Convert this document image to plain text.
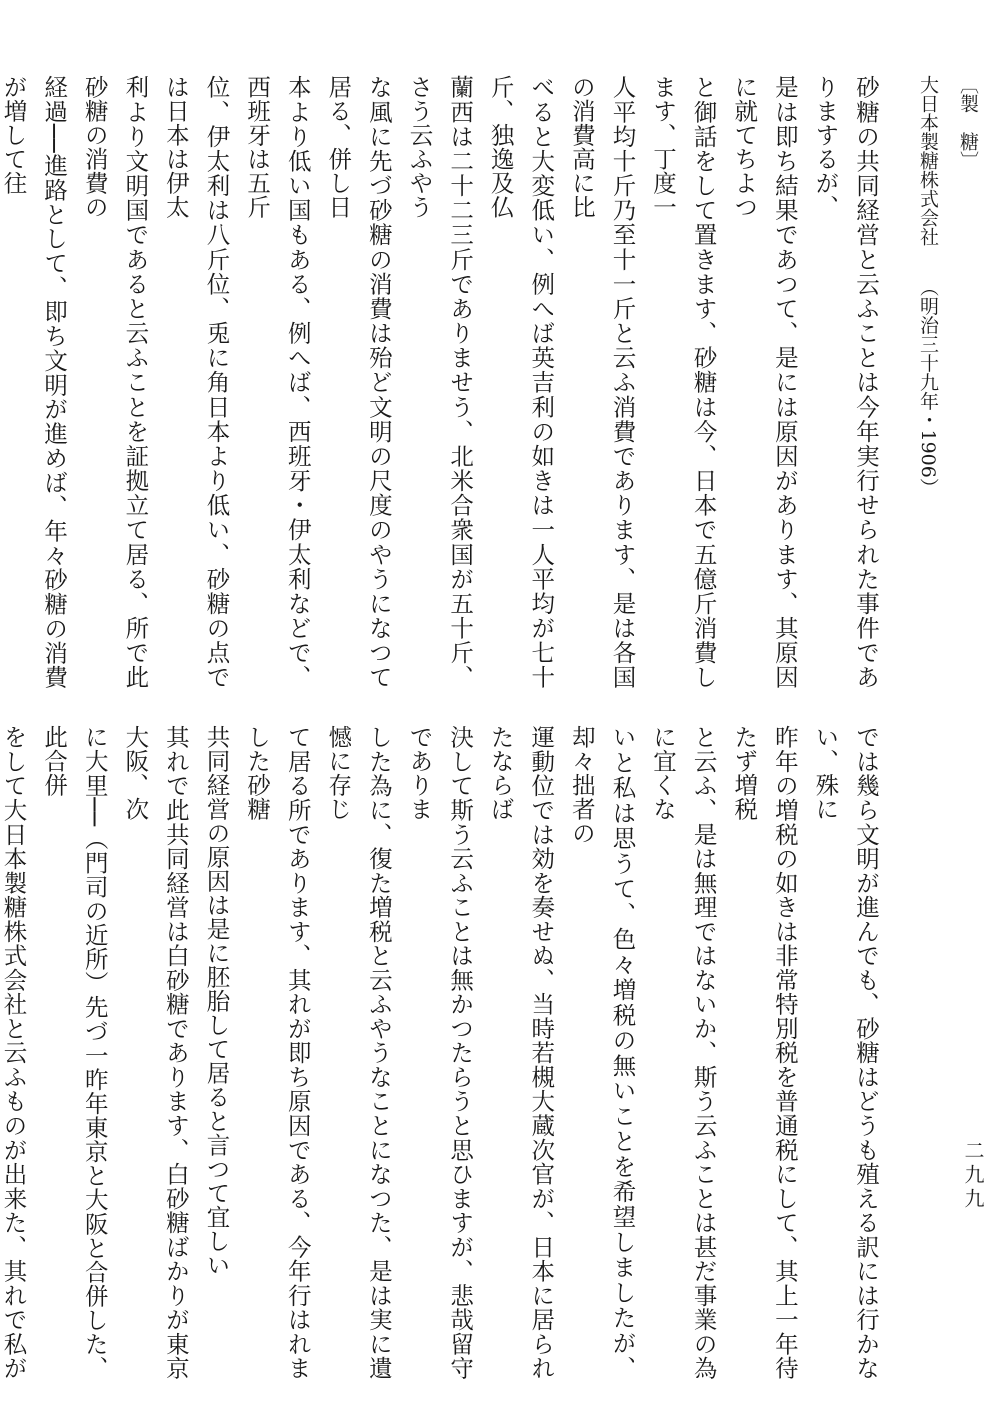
〔製　糖〕
大日本製糖株式会社　（明治三十九年・1906）
砂糖の共同経営と云ふことは今年実行せられた事件でありまするが、
是は即ち結果であつて、是には原因があります、其原因に就てちよつ
と御話をして置きます、砂糖は今、日本で五億斤消費します、丁度一
人平均十斤乃至十一斤と云ふ消費であります、是は各国の消費高に比
べると大変低い、例へば英吉利の如きは一人平均が七十斤、独逸及仏
蘭西は二十二三斤でありませう、北米合衆国が五十斤、さう云ふやう
な風に先づ砂糖の消費は殆ど文明の尺度のやうになつて居る、併し日
本より低い国もある、例へば、西班牙・伊太利などで、西班牙は五斤
位、伊太利は八斤位、兎に角日本より低い、砂糖の点では日本は伊太
利より文明国であると云ふことを証拠立て居る、所で此砂糖の消費の
経過──進路として、即ち文明が進めば、年々砂糖の消費が増して往

では幾ら文明が進んでも、砂糖はどうも殖える訳には行かない、殊に
昨年の増税の如きは非常特別税を普通税にして、其上一年待たず増税
と云ふ、是は無理ではないか、斯う云ふことは甚だ事業の為に宜くな
いと私は思うて、色々増税の無いことを希望しましたが、却々拙者の
運動位では効を奏せぬ、当時若槻大蔵次官が、日本に居られたならば
決して斯う云ふことは無かつたらうと思ひますが、悲哉留守でありま
した為に、復た増税と云ふやうなことになつた、是は実に遺憾に存じ
て居る所であります、其れが即ち原因である、今年行はれました砂糖
共同経営の原因は是に胚胎して居ると言つて宜しい
其れで此共同経営は白砂糖であります、白砂糖ばかりが東京大阪、次
に大里──（門司の近所）先づ一昨年東京と大阪と合併した、此合併
をして大日本製糖株式会社と云ふものが出来た、其れで私が

二九九
